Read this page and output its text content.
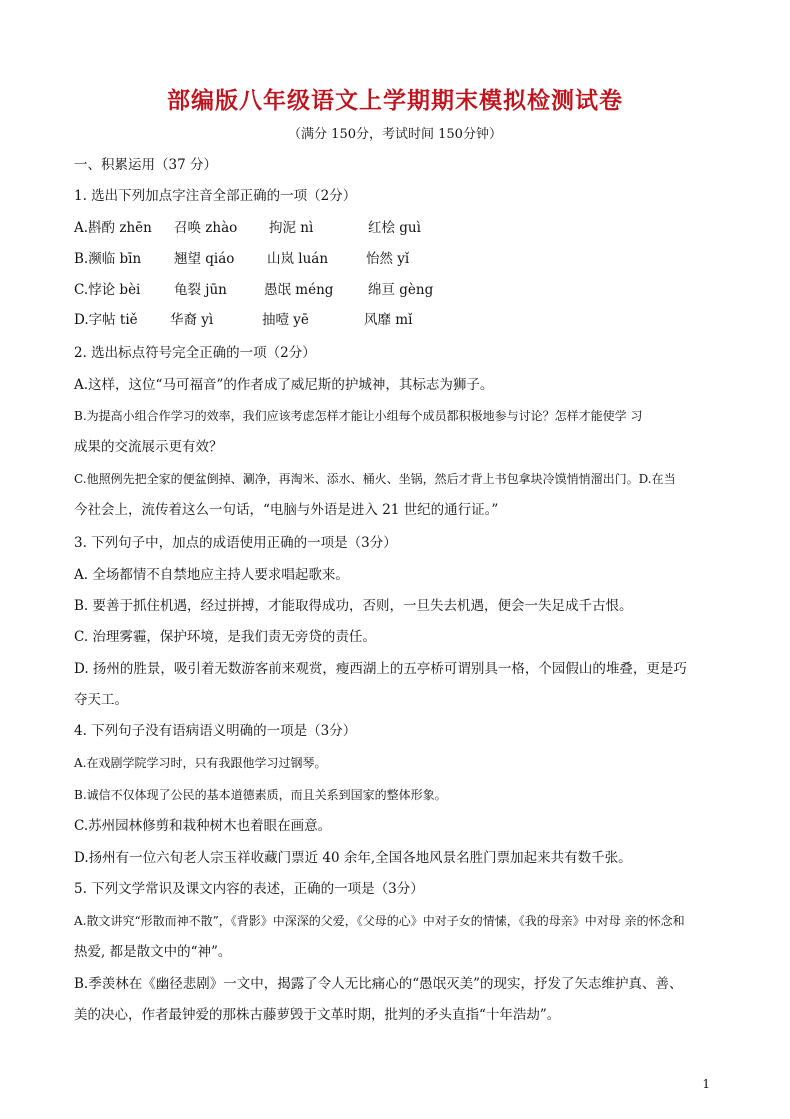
部编版八年级语文上学期期末模拟检测试卷
（满分 150分，考试时间 150分钟）
一、积累运用（37 分）
1. 选出下列加点字注音全部正确的一项（2分）
A.斟酌 zhēn 召唤 zhào 拘泥 nì	红桧 guì
B.濒临 bīn 翘望 qiáo 山岚 luán	怡然 yǐ
C.悖论 bèi 龟裂 jūn	愚氓 méng	绵亘 gèng
D.字帖 tiě 华裔 yì	抽噎 yē	风靡 mǐ
2. 选出标点符号完全正确的一项（2分）
A.这样，这位“马可福音”的作者成了威尼斯的护城神，其标志为狮子。
B.为提高小组合作学习的效率，我们应该考虑怎样才能让小组每个成员都积极地参与讨论？怎样才能使学 习
成果的交流展示更有效？
C.他照例先把全家的便盆倒掉、涮净，再淘米、添水、桶火、坐锅，然后才背上书包拿块冷馍悄悄溜出门。D.在当
今社会上，流传着这么一句话，“电脑与外语是进入 21 世纪的通行证。”
3. 下列句子中，加点的成语使用正确的一项是（3分）
A. 全场都情不自禁地应主持人要求唱起歌来。
B. 要善于抓住机遇，经过拼搏，才能取得成功，否则，一旦失去机遇，便会一失足成千古恨。
C. 治理雾霾，保护环境，是我们责无旁贷的责任。
D. 扬州的胜景，吸引着无数游客前来观赏，瘦西湖上的五亭桥可谓别具一格，个园假山的堆叠，更是巧
夺天工。
4. 下列句子没有语病语义明确的一项是（3分）
A.在戏剧学院学习时，只有我跟他学习过钢琴。
B.诚信不仅体现了公民的基本道德素质，而且关系到国家的整体形象。
C.苏州园林修剪和栽种树木也着眼在画意。
D.扬州有一位六旬老人宗玉祥收藏门票近 40 余年,全国各地风景名胜门票加起来共有数千张。
5. 下列文学常识及课文内容的表述，正确的一项是（3分）
A.散文讲究“形散而神不散”，《背影》中深深的父爱，《父母的心》中对子女的情愫，《我的母亲》中对母 亲的怀念和
热爱, 都是散文中的“神”。
B.季羡林在《幽径悲剧》一文中，揭露了令人无比痛心的“愚氓灭美”的现实，抒发了矢志维护真、善、
美的决心，作者最钟爱的那株古藤萝毁于文革时期，批判的矛头直指“十年浩劫”。
1
